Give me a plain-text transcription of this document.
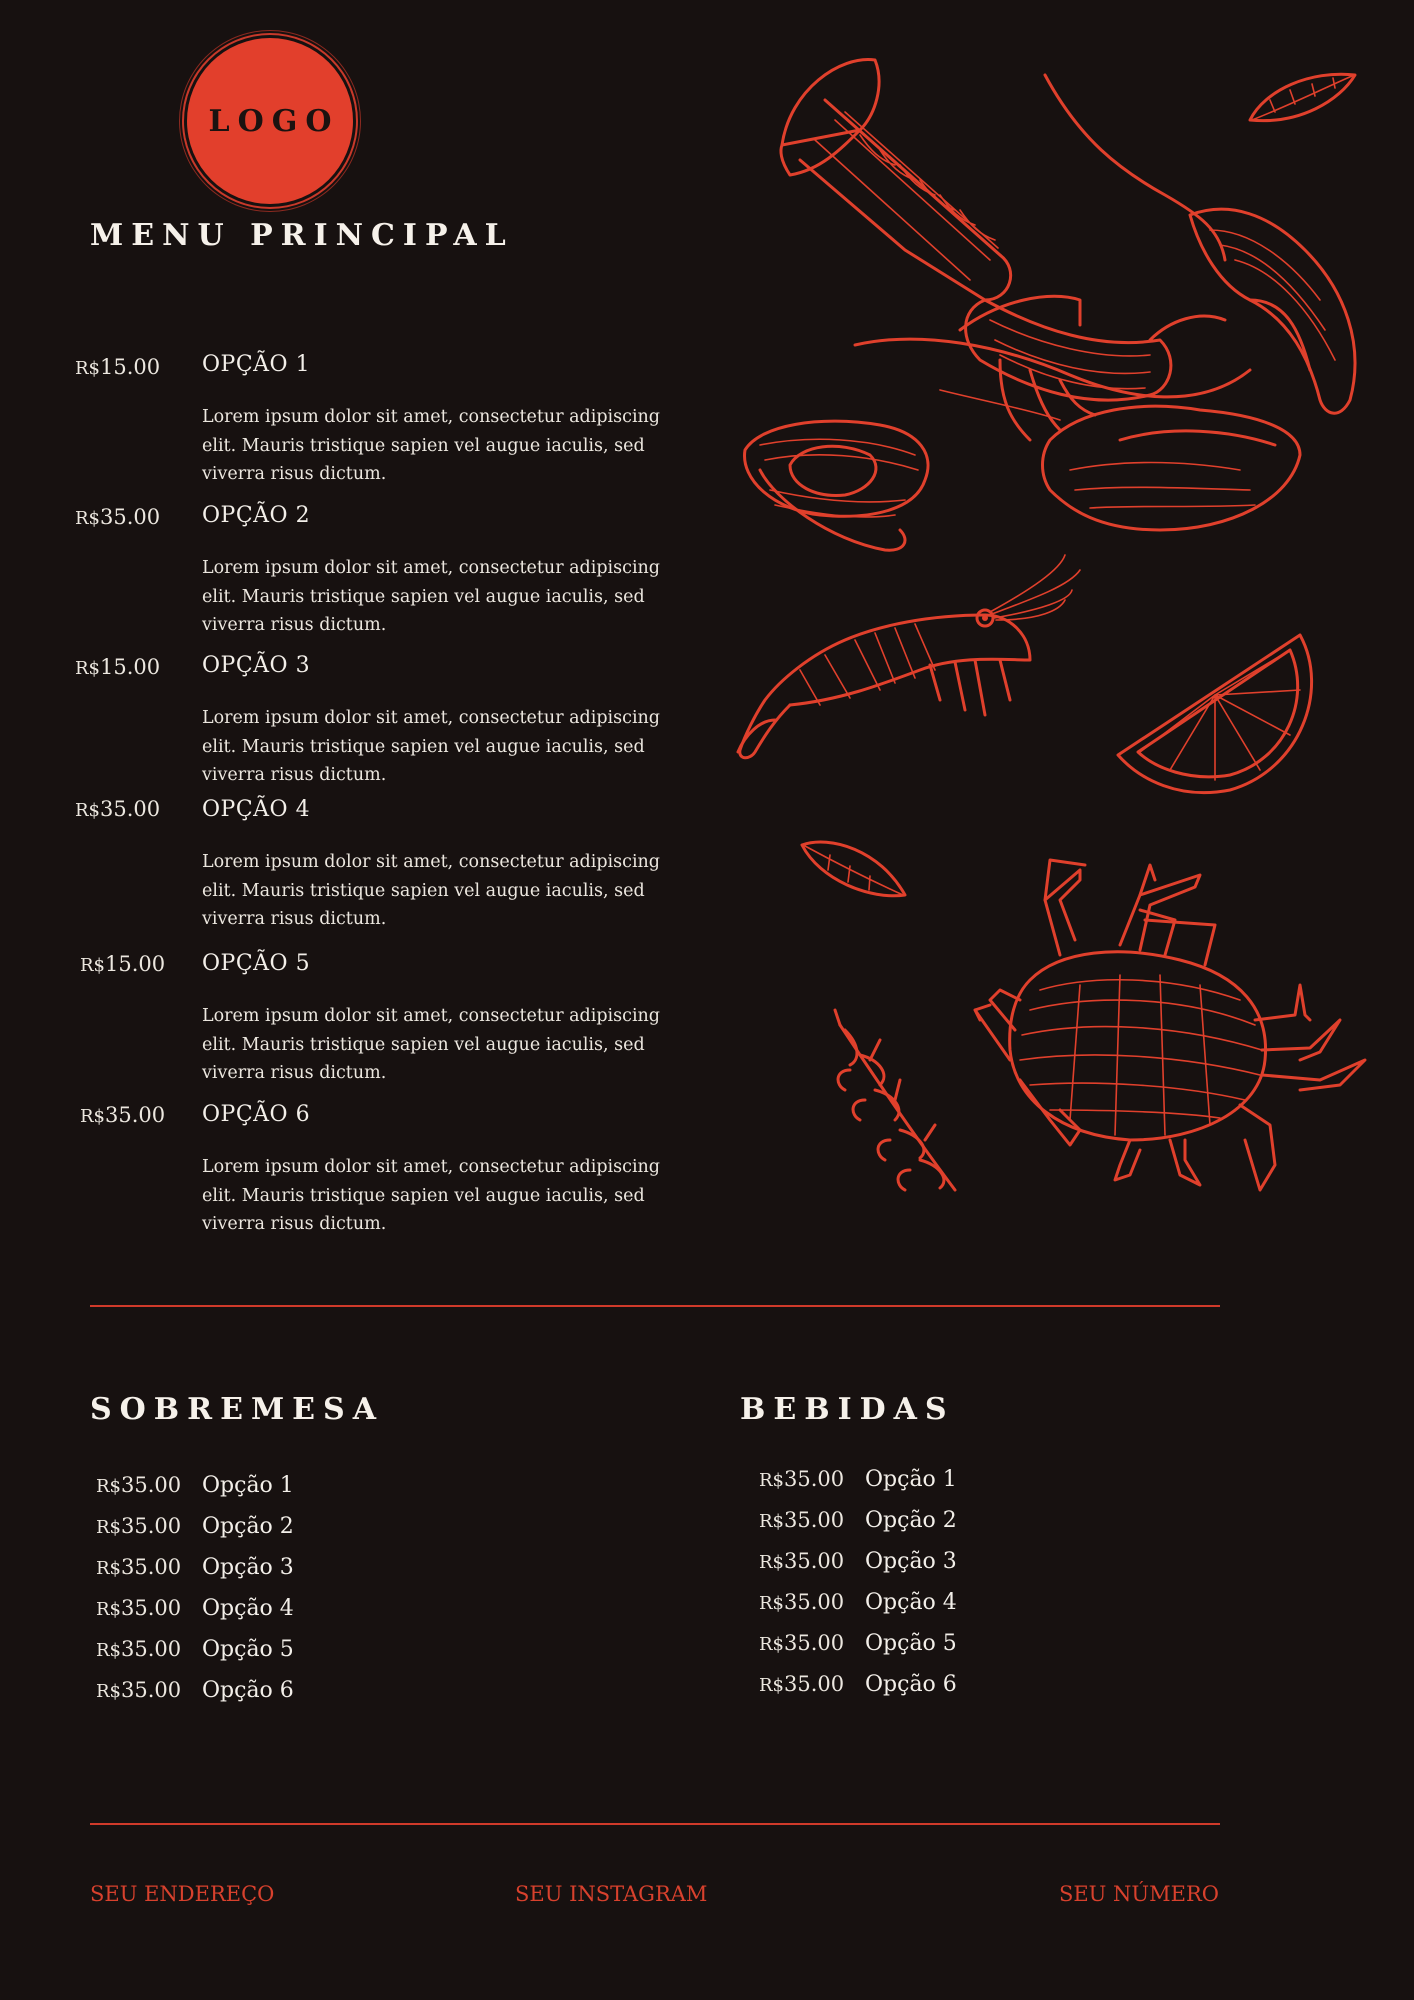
LOGO
MENU PRINCIPAL
R$15.00 OPÇÃO 1

Lorem ipsum dolor sit amet, consectetur adipiscing elit. Mauris tristique sapien vel augue iaculis, sed viverra risus dictum.

R$35.00 OPÇÃO 2

Lorem ipsum dolor sit amet, consectetur adipiscing elit. Mauris tristique sapien vel augue iaculis, sed viverra risus dictum.

R$15.00 OPÇÃO 3

Lorem ipsum dolor sit amet, consectetur adipiscing elit. Mauris tristique sapien vel augue iaculis, sed viverra risus dictum.

R$35.00 OPÇÃO 4

Lorem ipsum dolor sit amet, consectetur adipiscing elit. Mauris tristique sapien vel augue iaculis, sed viverra risus dictum.

R$15.00 OPÇÃO 5

Lorem ipsum dolor sit amet, consectetur adipiscing elit. Mauris tristique sapien vel augue iaculis, sed viverra risus dictum.

R$35.00 OPÇÃO 6

Lorem ipsum dolor sit amet, consectetur adipiscing elit. Mauris tristique sapien vel augue iaculis, sed viverra risus dictum.

SOBREMESA
R$35.00 Opção 1
R$35.00 Opção 2
R$35.00 Opção 3
R$35.00 Opção 4
R$35.00 Opção 5
R$35.00 Opção 6
BEBIDAS
R$35.00 Opção 1
R$35.00 Opção 2
R$35.00 Opção 3
R$35.00 Opção 4
R$35.00 Opção 5
R$35.00 Opção 6
SEU ENDEREÇO	SEU INSTAGRAM	SEU NÚMERO
